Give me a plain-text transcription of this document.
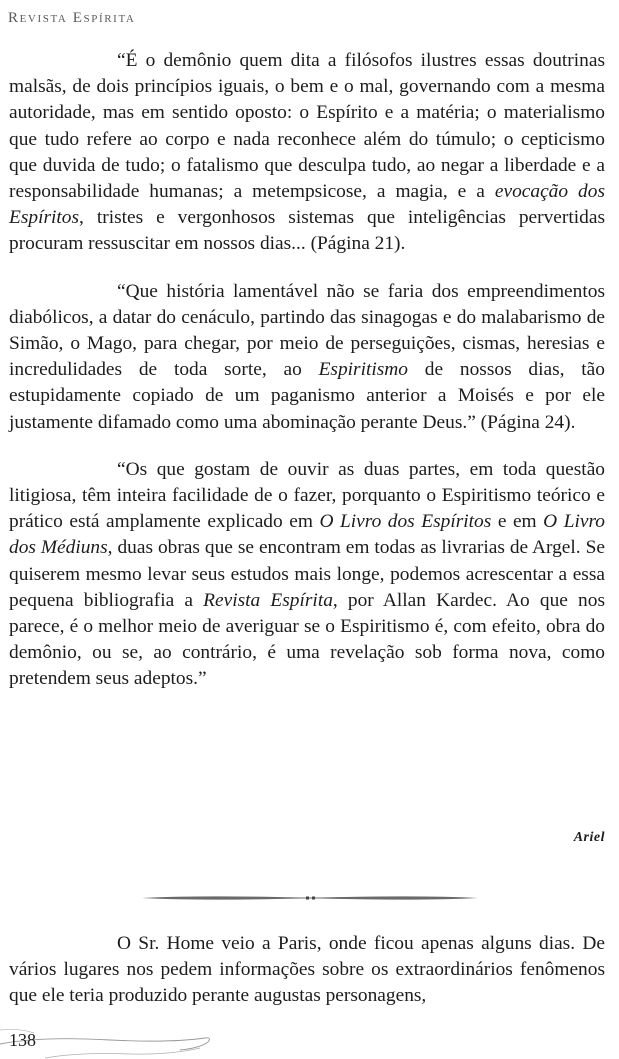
Revista Espírita

“É o demônio quem dita a filósofos ilustres essas doutrinas malsãs, de dois princípios iguais, o bem e o mal, governando com a mesma autoridade, mas em sentido oposto: o Espírito e a matéria; o materialismo que tudo refere ao corpo e nada reconhece além do túmulo; o cepticismo que duvida de tudo; o fatalismo que desculpa tudo, ao negar a liberdade e a responsabilidade humanas; a metempsicose, a magia, e a evocação dos Espíritos, tristes e vergonhosos sistemas que inteligências pervertidas procuram ressuscitar em nossos dias... (Página 21).

“Que história lamentável não se faria dos empreendimentos diabólicos, a datar do cenáculo, partindo das sinagogas e do malabarismo de Simão, o Mago, para chegar, por meio de perseguições, cismas, heresias e incredulidades de toda sorte, ao Espiritismo de nossos dias, tão estupidamente copiado de um paganismo anterior a Moisés e por ele justamente difamado como uma abominação perante Deus.” (Página 24).

“Os que gostam de ouvir as duas partes, em toda questão litigiosa, têm inteira facilidade de o fazer, porquanto o Espiritismo teórico e prático está amplamente explicado em O Livro dos Espíritos e em O Livro dos Médiuns, duas obras que se encontram em todas as livrarias de Argel. Se quiserem mesmo levar seus estudos mais longe, podemos acrescentar a essa pequena bibliografia a Revista Espírita, por Allan Kardec. Ao que nos parece, é o melhor meio de averiguar se o Espiritismo é, com efeito, obra do demônio, ou se, ao contrário, é uma revelação sob forma nova, como pretendem seus adeptos.”

Ariel

O Sr. Home veio a Paris, onde ficou apenas alguns dias. De vários lugares nos pedem informações sobre os extraordinários fenômenos que ele teria produzido perante augustas personagens,

138
